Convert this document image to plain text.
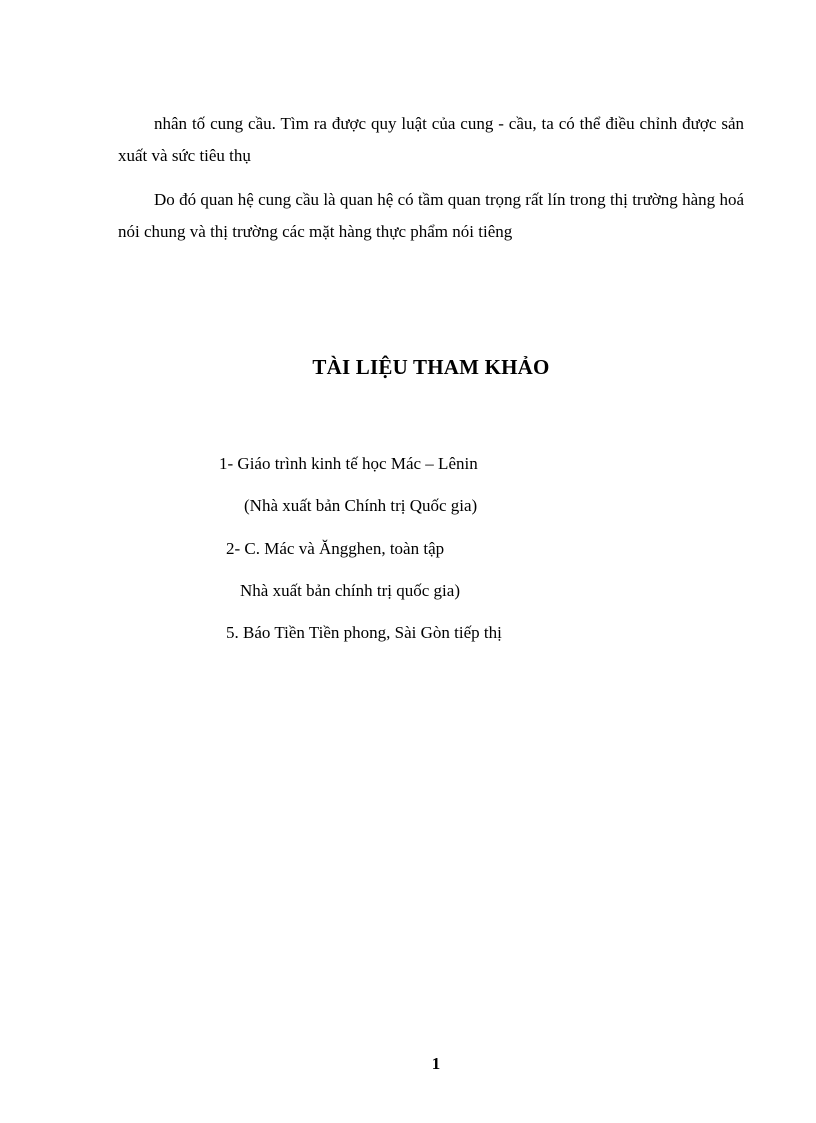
nhân tố cung cầu. Tìm ra được quy luật của cung - cầu, ta có thể điều chỉnh được sản xuất và sức tiêu thụ

Do đó quan hệ cung cầu là quan hệ có tầm quan trọng rất lín trong thị trường hàng hoá nói chung và thị trường các mặt hàng thực phẩm nói tiêng

TÀI LIỆU THAM KHẢO

1- Giáo trình kinh tế học Mác – Lênin

(Nhà xuất bản Chính trị Quốc gia)

2- C. Mác và Ăngghen, toàn tập

Nhà xuất bản chính trị quốc gia)

5. Báo Tiền Tiền phong, Sài Gòn tiếp thị

1
